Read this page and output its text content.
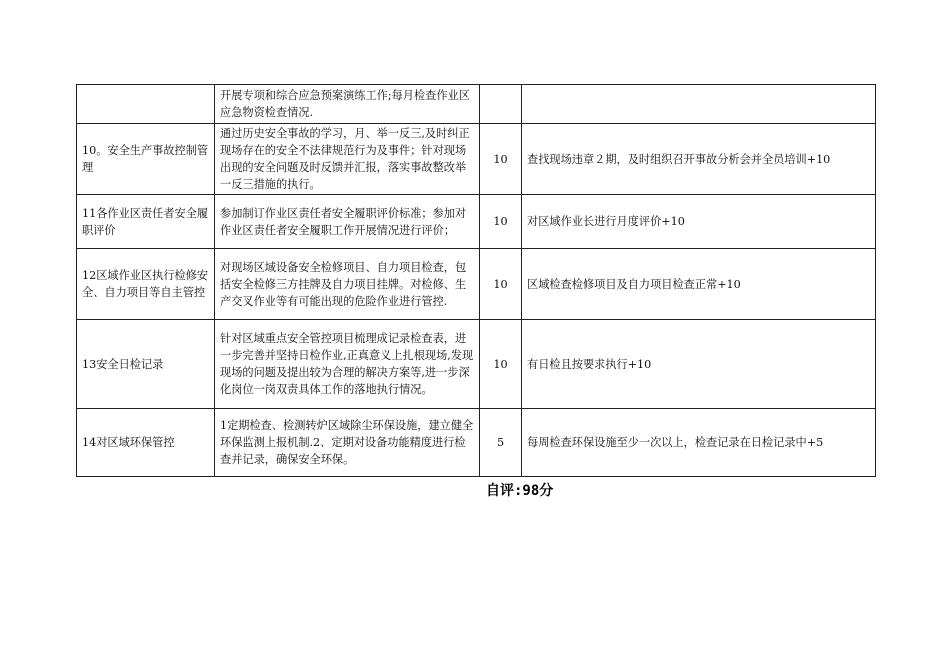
	开展专项和综合应急预案演练工作;每月检查作业区应急物资检查情况.		
10。安全生产事故控制管理	通过历史安全事故的学习，月、举一反三,及时纠正现场存在的安全不法律规范行为及事件；针对现场出现的安全问题及时反馈并汇报，落实事故整改举一反三措施的执行。	10	查找现场违章２期，及时组织召开事故分析会并全员培训+10
11各作业区责任者安全履职评价	参加制订作业区责任者安全履职评价标准；参加对作业区责任者安全履职工作开展情况进行评价；	10	对区域作业长进行月度评价+10
12区域作业区执行检修安全、自力项目等自主管控	对现场区域设备安全检修项目、自力项目检查，包括安全检修三方挂牌及自力项目挂牌。对检修、生产交叉作业等有可能出现的危险作业进行管控.	10	区域检查检修项目及自力项目检查正常+10
13安全日检记录	针对区域重点安全管控项目梳理成记录检查表，进一步完善并坚持日检作业,正真意义上扎根现场,发现现场的问题及提出较为合理的解决方案等,进一步深化岗位一岗双责具体工作的落地执行情况。	10	有日检且按要求执行+10
14对区域环保管控	1定期检查、检测转炉区域除尘环保设施，建立健全环保监测上报机制.2、定期对设备功能精度进行检查并记录，确保安全环保。	5	每周检查环保设施至少一次以上，检查记录在日检记录中+5
自评:98分
